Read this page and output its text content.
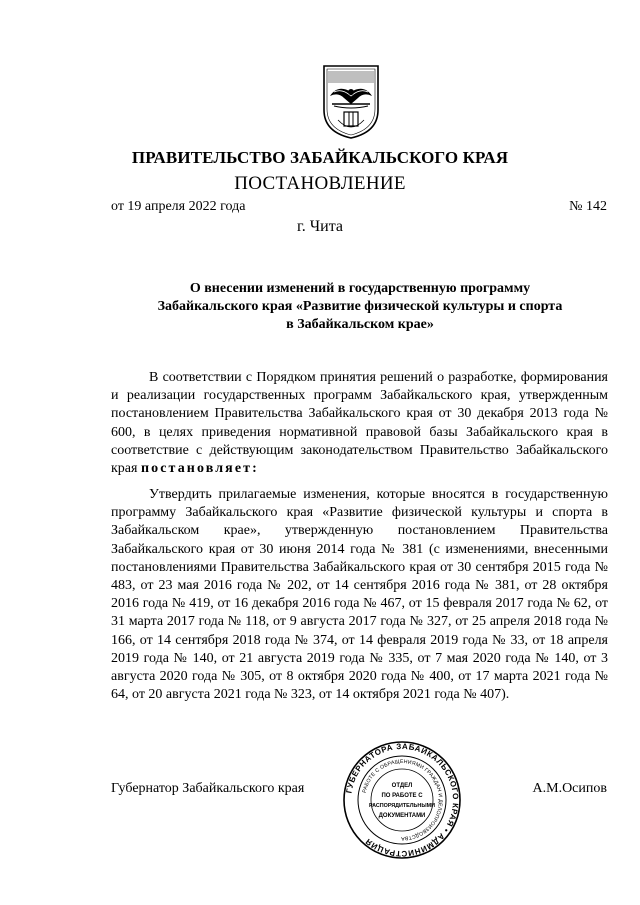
ПРАВИТЕЛЬСТВО ЗАБАЙКАЛЬСКОГО КРАЯ
ПОСТАНОВЛЕНИЕ
от 19 апреля 2022 года	№ 142
г. Чита
О внесении изменений в государственную программу
Забайкальского края «Развитие физической культуры и спорта
в Забайкальском крае»
В соответствии с Порядком принятия решений о разработке, формирования и реализации государственных программ Забайкальского края, утвержденным постановлением Правительства Забайкальского края от 30 декабря 2013 года № 600, в целях приведения нормативной правовой базы Забайкальского края в соответствие с действующим законодательством Правительство Забайкальского края постановляет:
Утвердить прилагаемые изменения, которые вносятся в государственную программу Забайкальского края «Развитие физической культуры и спорта в Забайкальском крае», утвержденную постановлением Правительства Забайкальского края от 30 июня 2014 года № 381 (с изменениями, внесенными постановлениями Правительства Забайкальского края от 30 сентября 2015 года № 483, от 23 мая 2016 года № 202, от 14 сентября 2016 года № 381, от 28 октября 2016 года № 419, от 16 декабря 2016 года № 467, от 15 февраля 2017 года № 62, от 31 марта 2017 года № 118, от 9 августа 2017 года № 327, от 25 апреля 2018 года № 166, от 14 сентября 2018 года № 374, от 14 февраля 2019 года № 33, от 18 апреля 2019 года № 140, от 21 августа 2019 года № 335, от 7 мая 2020 года № 140, от 3 августа 2020 года № 305, от 8 октября 2020 года № 400, от 17 марта 2021 года № 64, от 20 августа 2021 года № 323, от 14 октября 2021 года № 407).
Губернатор Забайкальского края	А.М.Осипов
ГУБЕРНАТОРА ЗАБАЙКАЛЬСКОГО КРАЯ • АДМИНИСТРАЦИЯ
РАБОТЕ С ОБРАЩЕНИЯМИ ГРАЖДАН И ДЕЛОПРОИЗВОДСТВА
ОТДЕЛ
ПО РАБОТЕ С
РАСПОРЯДИТЕЛЬНЫМИ
ДОКУМЕНТАМИ
